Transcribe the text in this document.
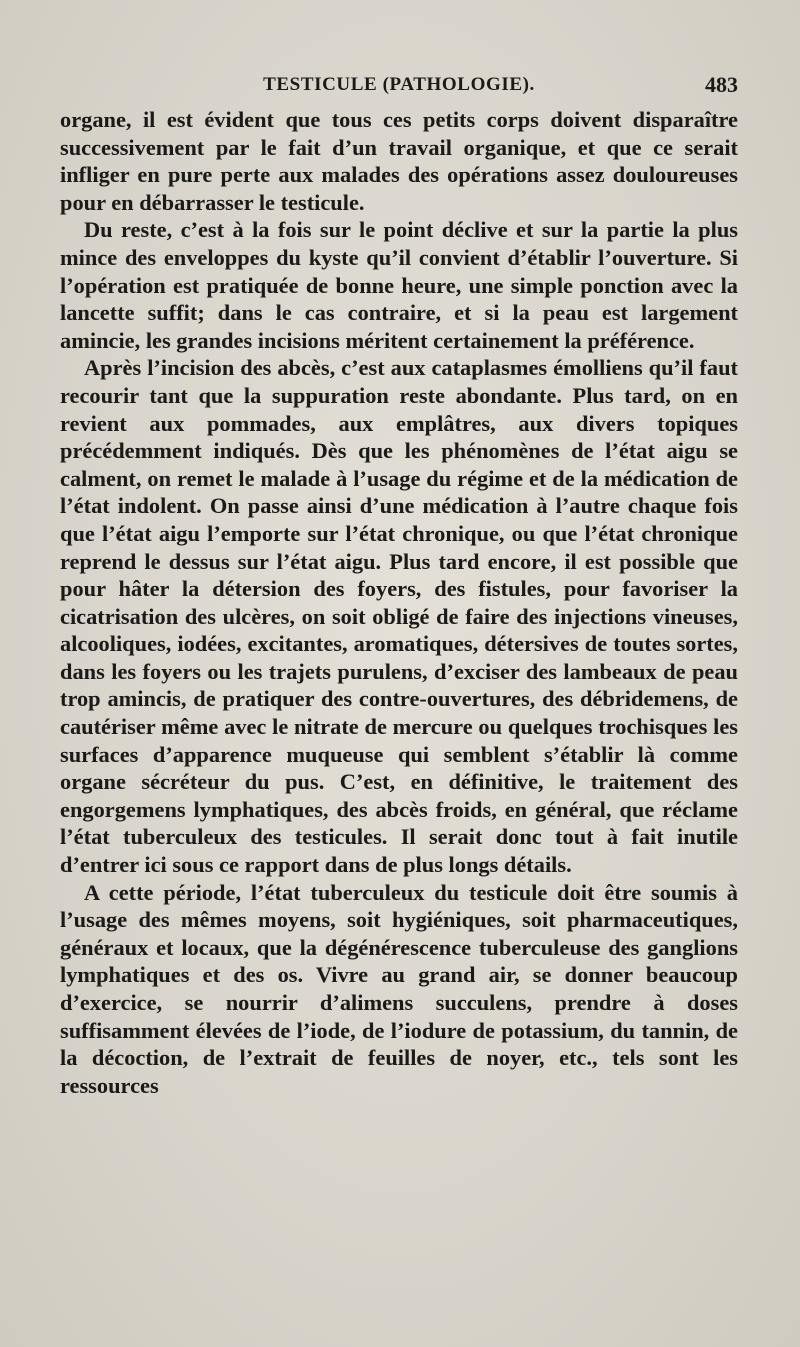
TESTICULE (PATHOLOGIE).	483

organe, il est évident que tous ces petits corps doivent disparaître successivement par le fait d’un travail organique, et que ce serait infliger en pure perte aux malades des opérations assez douloureuses pour en débarrasser le testicule.

Du reste, c’est à la fois sur le point déclive et sur la partie la plus mince des enveloppes du kyste qu’il convient d’établir l’ouverture. Si l’opération est pratiquée de bonne heure, une simple ponction avec la lancette suffit; dans le cas contraire, et si la peau est largement amincie, les grandes incisions méritent certainement la préférence.

Après l’incision des abcès, c’est aux cataplasmes émolliens qu’il faut recourir tant que la suppuration reste abondante. Plus tard, on en revient aux pommades, aux emplâtres, aux divers topiques précédemment indiqués. Dès que les phénomènes de l’état aigu se calment, on remet le malade à l’usage du régime et de la médication de l’état indolent. On passe ainsi d’une médication à l’autre chaque fois que l’état aigu l’emporte sur l’état chronique, ou que l’état chronique reprend le dessus sur l’état aigu. Plus tard encore, il est possible que pour hâter la détersion des foyers, des fistules, pour favoriser la cicatrisation des ulcères, on soit obligé de faire des injections vineuses, alcooliques, iodées, excitantes, aromatiques, détersives de toutes sortes, dans les foyers ou les trajets purulens, d’exciser des lambeaux de peau trop amincis, de pratiquer des contre-ouvertures, des débridemens, de cautériser même avec le nitrate de mercure ou quelques trochisques les surfaces d’apparence muqueuse qui semblent s’établir là comme organe sécréteur du pus. C’est, en définitive, le traitement des engorgemens lymphatiques, des abcès froids, en général, que réclame l’état tuberculeux des testicules. Il serait donc tout à fait inutile d’entrer ici sous ce rapport dans de plus longs détails.

A cette période, l’état tuberculeux du testicule doit être soumis à l’usage des mêmes moyens, soit hygiéniques, soit pharmaceutiques, généraux et locaux, que la dégénérescence tuberculeuse des ganglions lymphatiques et des os. Vivre au grand air, se donner beaucoup d’exercice, se nourrir d’alimens succulens, prendre à doses suffisamment élevées de l’iode, de l’iodure de potassium, du tannin, de la décoction, de l’extrait de feuilles de noyer, etc., tels sont les ressources
